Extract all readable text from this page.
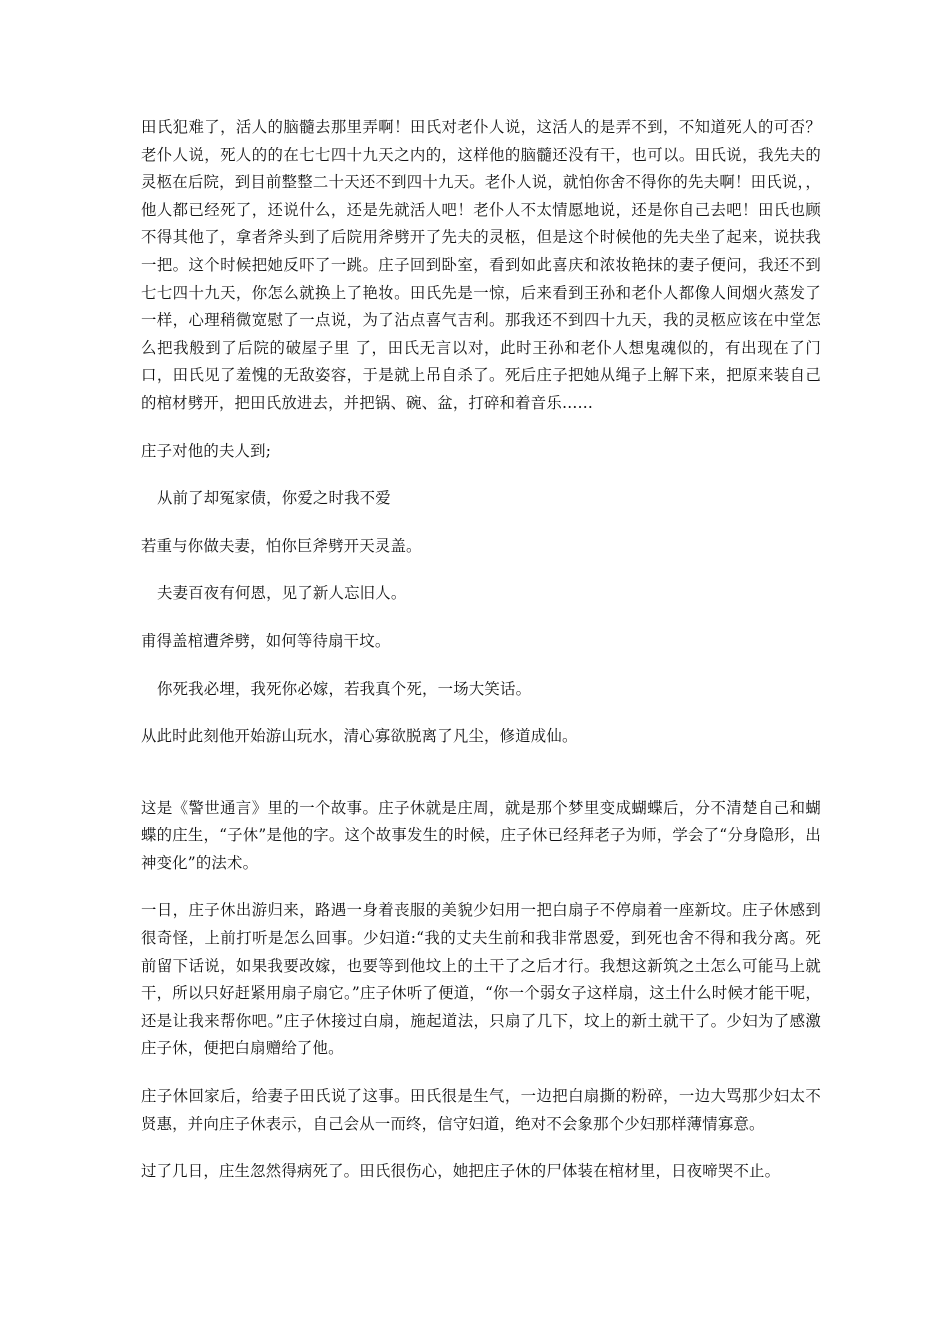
田氏犯难了，活人的脑髓去那里弄啊！田氏对老仆人说，这活人的是弄不到，不知道死人的可否？老仆人说，死人的的在七七四十九天之内的，这样他的脑髓还没有干，也可以。田氏说，我先夫的灵柩在后院，到目前整整二十天还不到四十九天。老仆人说，就怕你舍不得你的先夫啊！田氏说，，他人都已经死了，还说什么，还是先就活人吧！老仆人不太情愿地说，还是你自己去吧！田氏也顾不得其他了，拿者斧头到了后院用斧劈开了先夫的灵柩，但是这个时候他的先夫坐了起来，说扶我一把。这个时候把她反吓了一跳。庄子回到卧室，看到如此喜庆和浓妆艳抹的妻子便问，我还不到七七四十九天，你怎么就换上了艳妆。田氏先是一惊，后来看到王孙和老仆人都像人间烟火蒸发了一样，心理稍微宽慰了一点说，为了沾点喜气吉利。那我还不到四十九天，我的灵柩应该在中堂怎么把我般到了后院的破屋子里 了，田氏无言以对，此时王孙和老仆人想鬼魂似的，有出现在了门口，田氏见了羞愧的无敌姿容，于是就上吊自杀了。死后庄子把她从绳子上解下来，把原来装自己的棺材劈开，把田氏放进去，并把锅、碗、盆，打碎和着音乐……

庄子对他的夫人到;

从前了却冤家债，你爱之时我不爱

若重与你做夫妻，怕你巨斧劈开天灵盖。

夫妻百夜有何恩，见了新人忘旧人。

甫得盖棺遭斧劈，如何等待扇干坟。

你死我必埋，我死你必嫁，若我真个死，一场大笑话。

从此时此刻他开始游山玩水，清心寡欲脱离了凡尘，修道成仙。

这是《警世通言》里的一个故事。庄子休就是庄周，就是那个梦里变成蝴蝶后，分不清楚自己和蝴蝶的庄生，“子休”是他的字。这个故事发生的时候，庄子休已经拜老子为师，学会了“分身隐形，出神变化”的法术。

一日，庄子休出游归来，路遇一身着丧服的美貌少妇用一把白扇子不停扇着一座新坟。庄子休感到很奇怪，上前打听是怎么回事。少妇道:“我的丈夫生前和我非常恩爱，到死也舍不得和我分离。死前留下话说，如果我要改嫁，也要等到他坟上的土干了之后才行。我想这新筑之土怎么可能马上就干，所以只好赶紧用扇子扇它。”庄子休听了便道，“你一个弱女子这样扇，这土什么时候才能干呢，还是让我来帮你吧。”庄子休接过白扇，施起道法，只扇了几下，坟上的新土就干了。少妇为了感激庄子休，便把白扇赠给了他。

庄子休回家后，给妻子田氏说了这事。田氏很是生气，一边把白扇撕的粉碎，一边大骂那少妇太不贤惠，并向庄子休表示，自己会从一而终，信守妇道，绝对不会象那个少妇那样薄情寡意。

过了几日，庄生忽然得病死了。田氏很伤心，她把庄子休的尸体装在棺材里，日夜啼哭不止。
